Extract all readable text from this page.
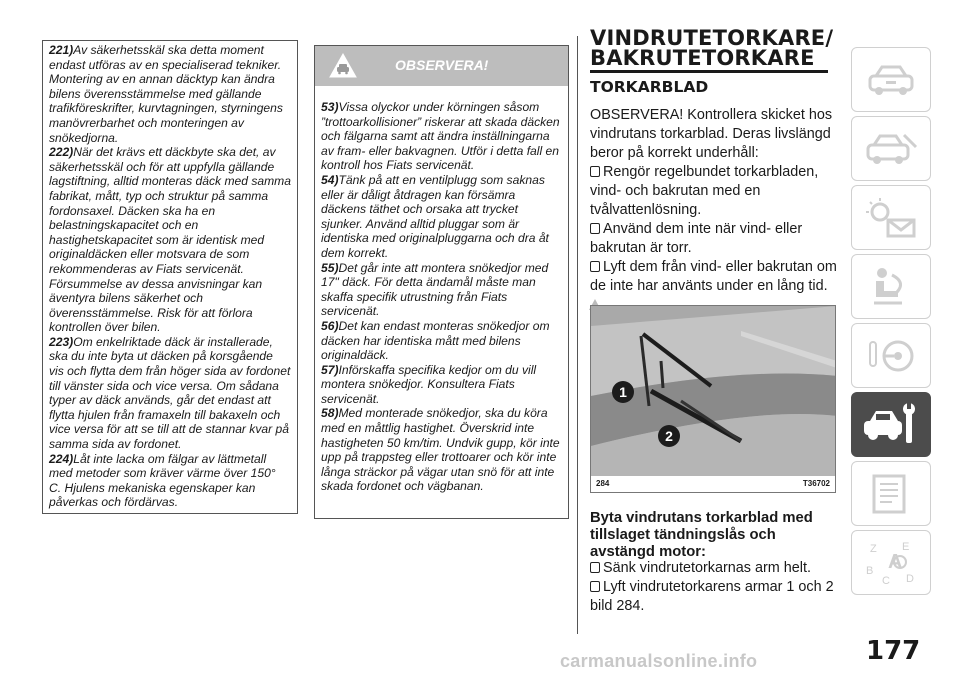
221)Av säkerhetsskäl ska detta moment endast utföras av en specialiserad tekniker. Montering av en annan däcktyp kan ändra bilens överensstämmelse med gällande trafikföreskrifter, kurvtagningen, styrningens manövrerbarhet och monteringen av snökedjorna.

222)När det krävs ett däckbyte ska det, av säkerhetsskäl och för att uppfylla gällande lagstiftning, alltid monteras däck med samma fabrikat, mått, typ och struktur på samma fordonsaxel. Däcken ska ha en belastningskapacitet och en hastighetskapacitet som är identisk med originaldäcken eller motsvara de som rekommenderas av Fiats servicenät. Försummelse av dessa anvisningar kan äventyra bilens säkerhet och överensstämmelse. Risk för att förlora kontrollen över bilen.

223)Om enkelriktade däck är installerade, ska du inte byta ut däcken på korsgående vis och flytta dem från höger sida av fordonet till vänster sida och vice versa. Om sådana typer av däck används, går det endast att flytta hjulen från framaxeln till bakaxeln och vice versa för att se till att de stannar kvar på samma sida av fordonet.

224)Låt inte lacka om fälgar av lättmetall med metoder som kräver värme över 150° C. Hjulens mekaniska egenskaper kan påverkas och fördärvas.

OBSERVERA!

53)Vissa olyckor under körningen såsom ”trottoarkollisioner” riskerar att skada däcken och fälgarna samt att ändra inställningarna av fram- eller bakvagnen. Utför i detta fall en kontroll hos Fiats servicenät.

54)Tänk på att en ventilplugg som saknas eller är dåligt åtdragen kan försämra däckens täthet och orsaka att trycket sjunker. Använd alltid pluggar som är identiska med originalpluggarna och dra åt dem korrekt.

55)Det går inte att montera snökedjor med 17" däck. För detta ändamål måste man skaffa specifik utrustning från Fiats servicenät.

56)Det kan endast monteras snökedjor om däcken har identiska mått med bilens originaldäck.

57)Införskaffa specifika kedjor om du vill montera snökedjor. Konsultera Fiats servicenät.

58)Med monterade snökedjor, ska du köra med en måttlig hastighet. Överskrid inte hastigheten 50 km/tim. Undvik gupp, kör inte upp på trappsteg eller trottoarer och kör inte långa sträckor på vägar utan snö för att inte skada fordonet och vägbanan.

VINDRUTETORKARE/
BAKRUTETORKARE
TORKARBLAD

OBSERVERA! Kontrollera skicket hos vindrutans torkarblad. Deras livslängd beror på korrekt underhåll:

Rengör regelbundet torkarbladen, vind- och bakrutan med en tvålvattenlösning.

Använd dem inte när vind- eller bakrutan är torr.

Lyft dem från vind- eller bakrutan om de inte har använts under en lång tid.

1
2
284	T36702
Byta vindrutans torkarblad med tillslaget tändningslås och avstängd motor:

Sänk vindrutetorkarnas arm helt.

Lyft vindrutetorkarens armar 1 och 2 bild 284.

Z E
B
C D
A
177
carmanualsonline.info
